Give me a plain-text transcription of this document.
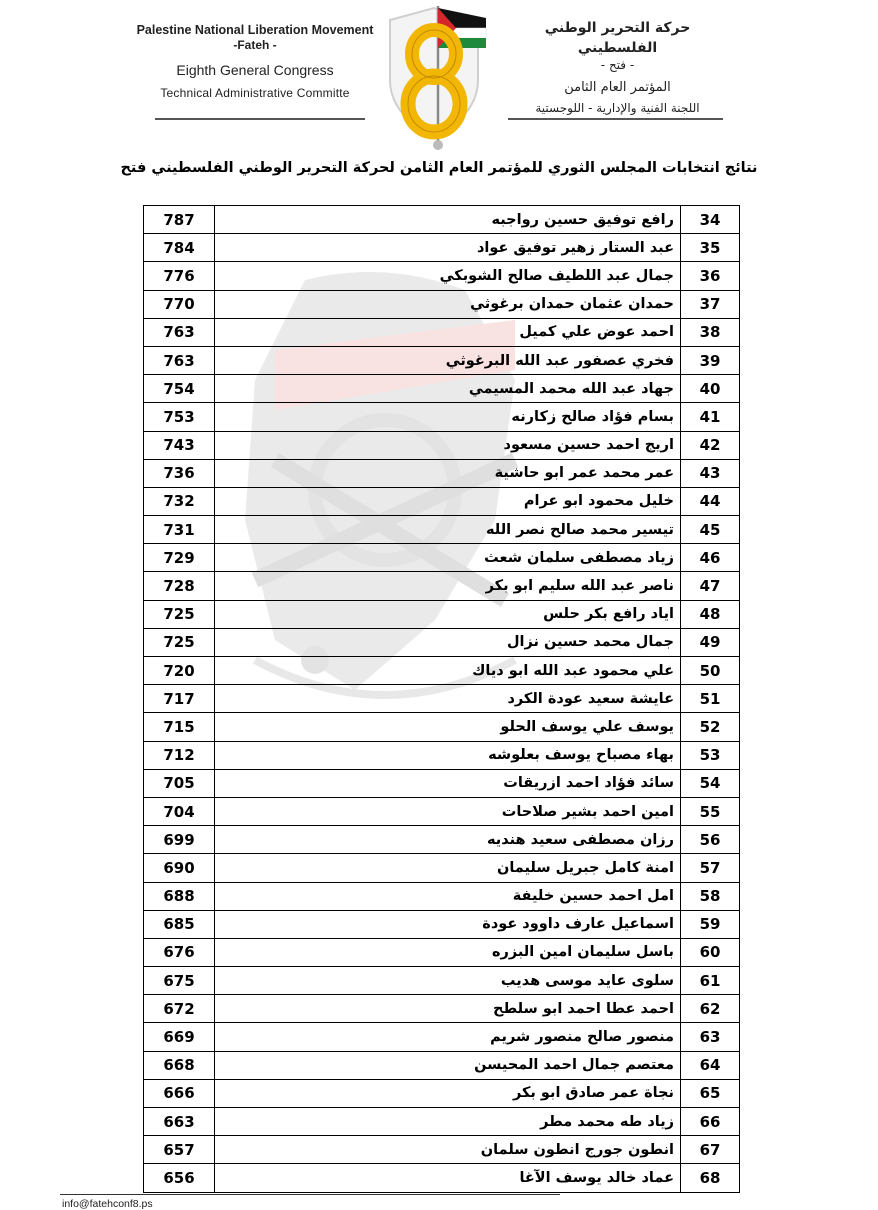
Palestine National Liberation Movement
-Fateh -
Eighth General Congress
Technical Administrative Committe
حركة التحرير الوطني الفلسطيني
- فتح -
المؤتمر العام الثامن
اللجنة الفنية والإدارية - اللوجستية
نتائج انتخابات المجلس الثوري للمؤتمر العام الثامن لحركة التحرير الوطني الفلسطيني فتح
787	رافع توفيق حسين رواجبه	34
784	عبد الستار زهير توفيق عواد	35
776	جمال عبد اللطيف صالح الشوبكي	36
770	حمدان عثمان حمدان برغوثي	37
763	احمد عوض علي كميل	38
763	فخري عصفور عبد الله البرغوثي	39
754	جهاد عبد الله محمد المسيمي	40
753	بسام فؤاد صالح زكارنه	41
743	اريج احمد حسين مسعود	42
736	عمر محمد عمر ابو حاشية	43
732	خليل محمود ابو عرام	44
731	تيسير محمد صالح نصر الله	45
729	زياد مصطفى سلمان شعث	46
728	ناصر عبد الله سليم ابو بكر	47
725	اياد رافع بكر حلس	48
725	جمال محمد حسين نزال	49
720	علي محمود عبد الله ابو دياك	50
717	عايشة سعيد عودة الكرد	51
715	يوسف علي يوسف الحلو	52
712	بهاء مصباح يوسف بعلوشه	53
705	سائد فؤاد احمد ازريقات	54
704	امين احمد بشير صلاحات	55
699	رزان مصطفى سعيد هنديه	56
690	امنة كامل جبريل سليمان	57
688	امل احمد حسين خليفة	58
685	اسماعيل عارف داوود عودة	59
676	باسل سليمان امين البزره	60
675	سلوى عايد موسى هديب	61
672	احمد عطا احمد ابو سلطح	62
669	منصور صالح منصور شريم	63
668	معتصم جمال احمد المحيسن	64
666	نجاة عمر صادق ابو بكر	65
663	زياد طه محمد مطر	66
657	انطون جورج انطون سلمان	67
656	عماد خالد يوسف الآغا	68
info@fatehconf8.ps
